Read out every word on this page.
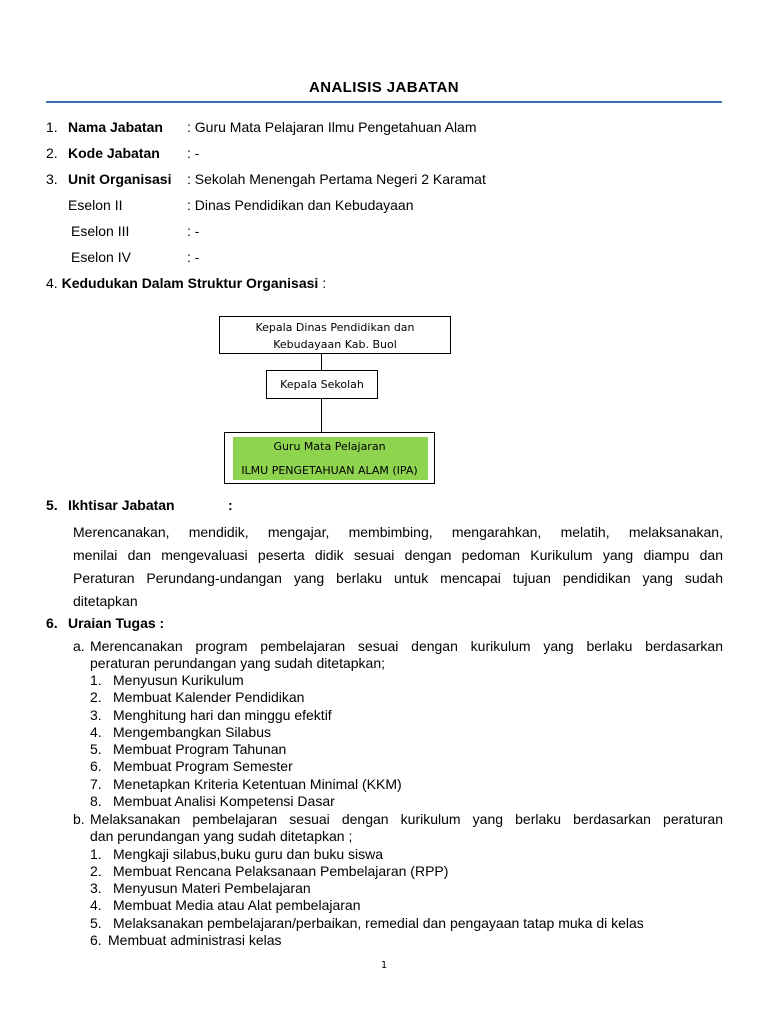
ANALISIS JABATAN
1. Nama Jabatan : Guru Mata Pelajaran Ilmu Pengetahuan Alam
2. Kode Jabatan : -
3. Unit Organisasi : Sekolah Menengah Pertama Negeri 2 Karamat
Eselon II	: Dinas Pendidikan dan Kebudayaan
Eselon III	: -
Eselon IV	: -
4. Kedudukan Dalam Struktur Organisasi :
Kepala Dinas Pendidikan dan
Kebudayaan Kab. Buol
Kepala Sekolah
Guru Mata Pelajaran
ILMU PENGETAHUAN ALAM (IPA)
5. Ikhtisar Jabatan	:
Merencanakan, mendidik, mengajar, membimbing, mengarahkan, melatih, melaksanakan,
menilai dan mengevaluasi peserta didik sesuai dengan pedoman Kurikulum yang diampu dan
Peraturan Perundang-undangan yang berlaku untuk mencapai tujuan pendidikan yang sudah
ditetapkan
6. Uraian Tugas :
a. Merencanakan program pembelajaran sesuai dengan kurikulum yang berlaku berdasarkan
peraturan perundangan yang sudah ditetapkan;
1. Menyusun Kurikulum
2. Membuat Kalender Pendidikan
3. Menghitung hari dan minggu efektif
4. Mengembangkan Silabus
5. Membuat Program Tahunan
6. Membuat Program Semester
7. Menetapkan Kriteria Ketentuan Minimal (KKM)
8. Membuat Analisi Kompetensi Dasar
b. Melaksanakan pembelajaran sesuai dengan kurikulum yang berlaku berdasarkan peraturan
dan perundangan yang sudah ditetapkan ;
1. Mengkaji silabus,buku guru dan buku siswa
2. Membuat Rencana Pelaksanaan Pembelajaran (RPP)
3. Menyusun Materi Pembelajaran
4. Membuat Media atau Alat pembelajaran
5. Melaksanakan pembelajaran/perbaikan, remedial dan pengayaan tatap muka di kelas
6. Membuat administrasi kelas
1
